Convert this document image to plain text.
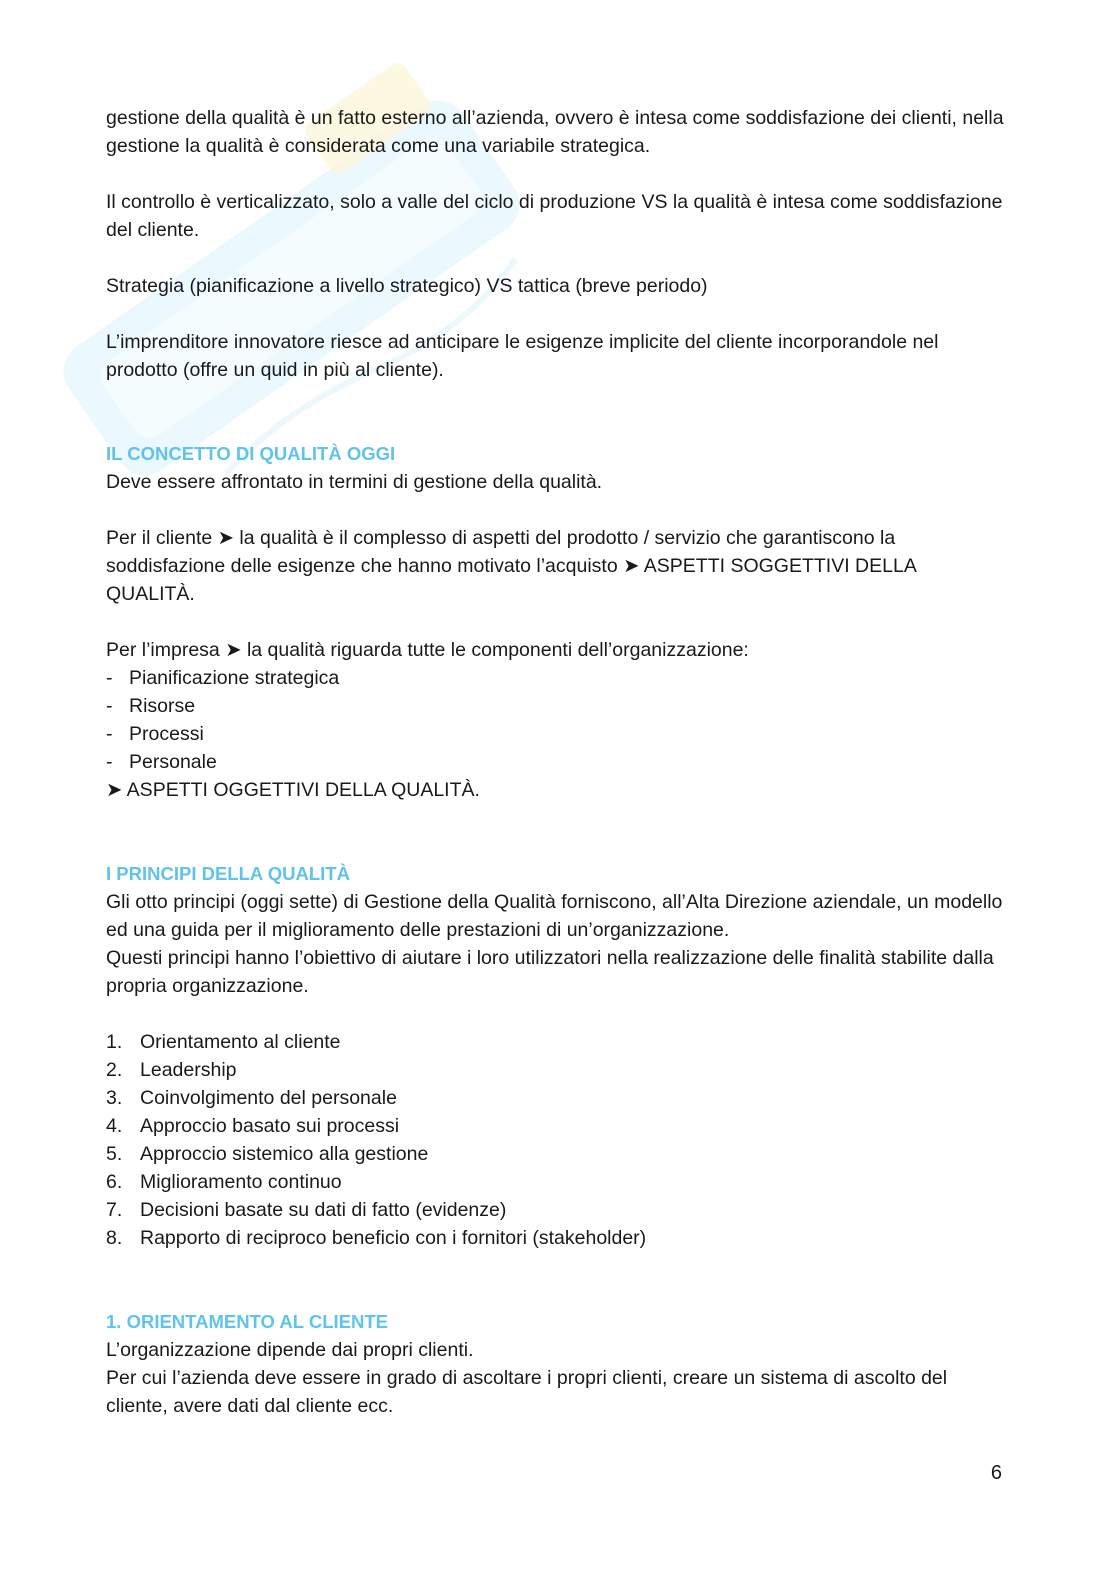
gestione della qualità è un fatto esterno all’azienda, ovvero è intesa come soddisfazione dei clienti, nella gestione la qualità è considerata come una variabile strategica.

Il controllo è verticalizzato, solo a valle del ciclo di produzione VS la qualità è intesa come soddisfazione del cliente.

Strategia (pianificazione a livello strategico) VS tattica (breve periodo)

L’imprenditore innovatore riesce ad anticipare le esigenze implicite del cliente incorporandole nel prodotto (offre un quid in più al cliente).

IL CONCETTO DI QUALITÀ OGGI

Deve essere affrontato in termini di gestione della qualità.

Per il cliente ➤ la qualità è il complesso di aspetti del prodotto / servizio che garantiscono la soddisfazione delle esigenze che hanno motivato l’acquisto ➤ ASPETTI SOGGETTIVI DELLA QUALITÀ.

Per l’impresa ➤ la qualità riguarda tutte le componenti dell’organizzazione:

- Pianificazione strategica
- Risorse
- Processi
- Personale

➤ ASPETTI OGGETTIVI DELLA QUALITÀ.

I PRINCIPI DELLA QUALITÀ

Gli otto principi (oggi sette) di Gestione della Qualità forniscono, all’Alta Direzione aziendale, un modello ed una guida per il miglioramento delle prestazioni di un’organizzazione.

Questi principi hanno l’obiettivo di aiutare i loro utilizzatori nella realizzazione delle finalità stabilite dalla propria organizzazione.

1. Orientamento al cliente
2. Leadership
3. Coinvolgimento del personale
4. Approccio basato sui processi
5. Approccio sistemico alla gestione
6. Miglioramento continuo
7. Decisioni basate su dati di fatto (evidenze)
8. Rapporto di reciproco beneficio con i fornitori (stakeholder)
1. ORIENTAMENTO AL CLIENTE

L’organizzazione dipende dai propri clienti.

Per cui l’azienda deve essere in grado di ascoltare i propri clienti, creare un sistema di ascolto del cliente, avere dati dal cliente ecc.

6
